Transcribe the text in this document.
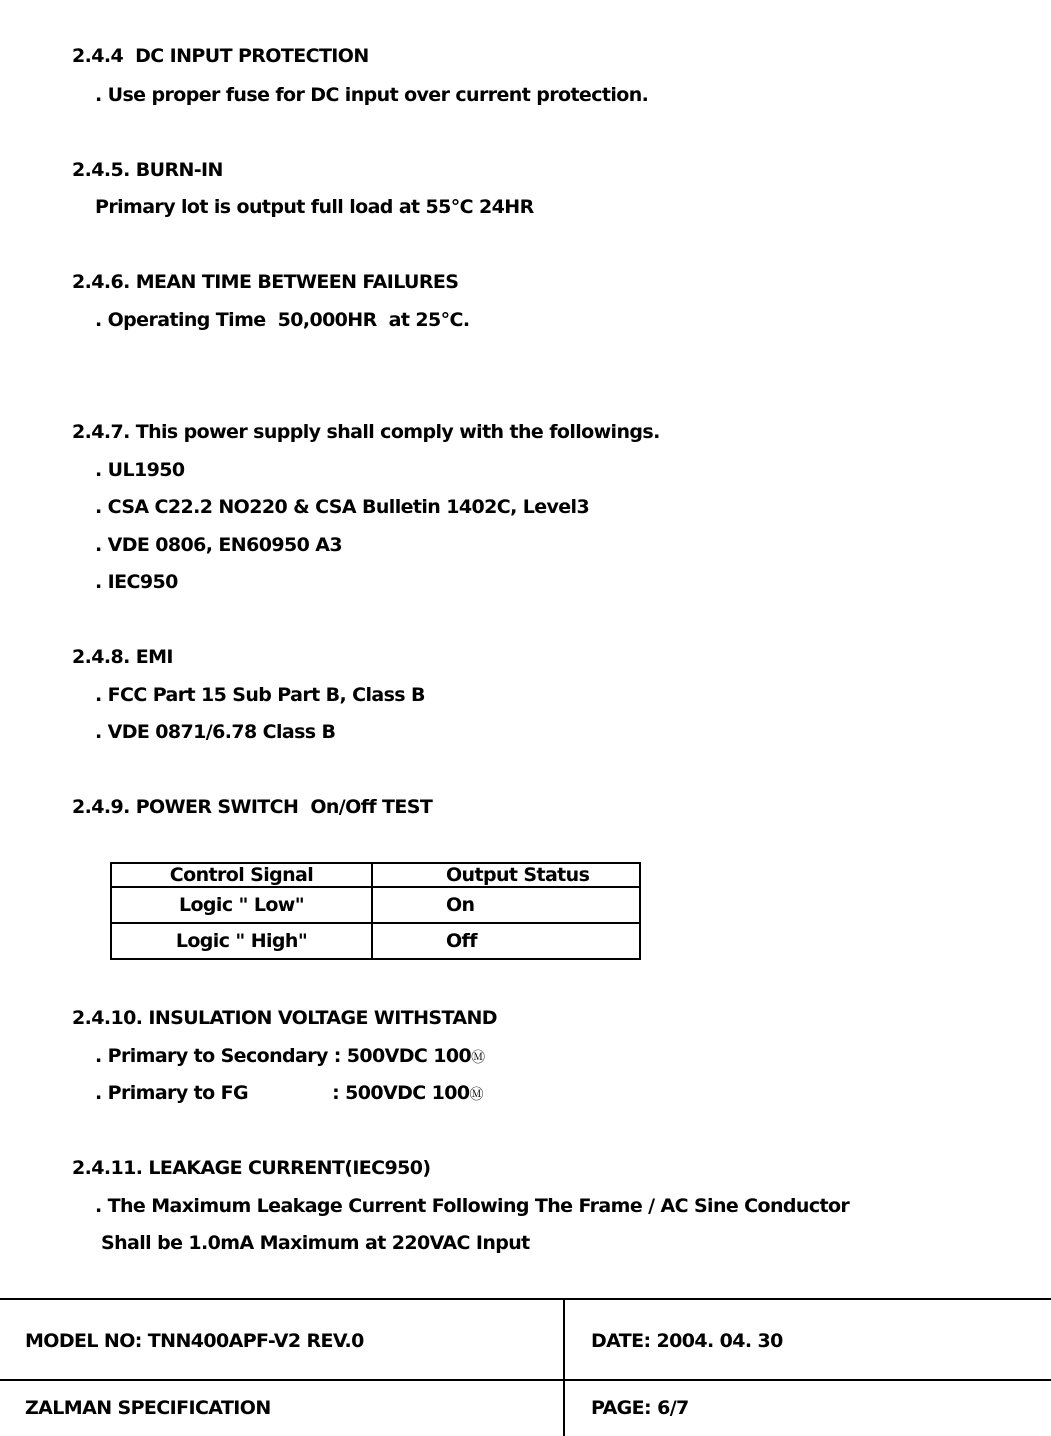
2.4.4  DC INPUT PROTECTION
. Use proper fuse for DC input over current protection.
2.4.5. BURN-IN
Primary lot is output full load at 55°C 24HR
2.4.6. MEAN TIME BETWEEN FAILURES
. Operating Time  50,000HR  at 25°C.
2.4.7. This power supply shall comply with the followings.
. UL1950
. CSA C22.2 NO220 & CSA Bulletin 1402C, Level3
. VDE 0806, EN60950 A3
. IEC950
2.4.8. EMI
. FCC Part 15 Sub Part B, Class B
. VDE 0871/6.78 Class B
2.4.9. POWER SWITCH  On/Off TEST
Control Signal	Output Status
Logic " Low"	On
Logic " High"	Off
2.4.10. INSULATION VOLTAGE WITHSTAND
. Primary to Secondary : 500VDC 100Ⓜ
. Primary to FG              : 500VDC 100Ⓜ
2.4.11. LEAKAGE CURRENT(IEC950)
. The Maximum Leakage Current Following The Frame / AC Sine Conductor
Shall be 1.0mA Maximum at 220VAC Input
MODEL NO: TNN400APF-V2 REV.0	DATE: 2004. 04. 30
ZALMAN SPECIFICATION	PAGE: 6/7
